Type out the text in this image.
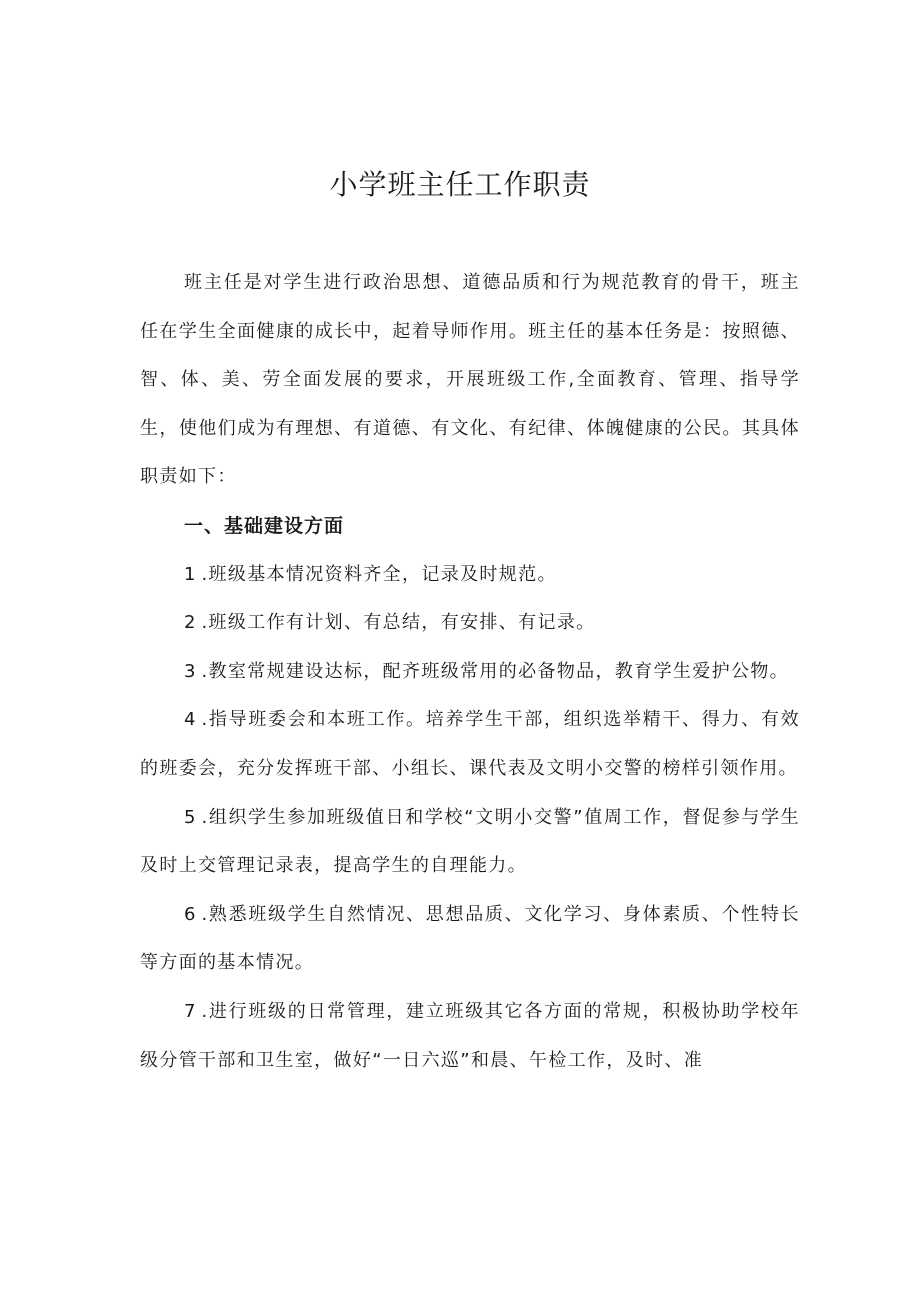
小学班主任工作职责

班主任是对学生进行政治思想、道德品质和行为规范教育的骨干，班主任在学生全面健康的成长中，起着导师作用。班主任的基本任务是：按照德、智、体、美、劳全面发展的要求，开展班级工作,全面教育、管理、指导学生，使他们成为有理想、有道德、有文化、有纪律、体魄健康的公民。其具体职责如下：

一、基础建设方面

1.班级基本情况资料齐全，记录及时规范。

2.班级工作有计划、有总结，有安排、有记录。

3.教室常规建设达标，配齐班级常用的必备物品，教育学生爱护公物。

4.指导班委会和本班工作。培养学生干部，组织选举精干、得力、有效的班委会，充分发挥班干部、小组长、课代表及文明小交警的榜样引领作用。

5.组织学生参加班级值日和学校“文明小交警”值周工作，督促参与学生及时上交管理记录表，提高学生的自理能力。

6.熟悉班级学生自然情况、思想品质、文化学习、身体素质、个性特长等方面的基本情况。

7.进行班级的日常管理，建立班级其它各方面的常规，积极协助学校年级分管干部和卫生室，做好“一日六巡”和晨、午检工作，及时、准
